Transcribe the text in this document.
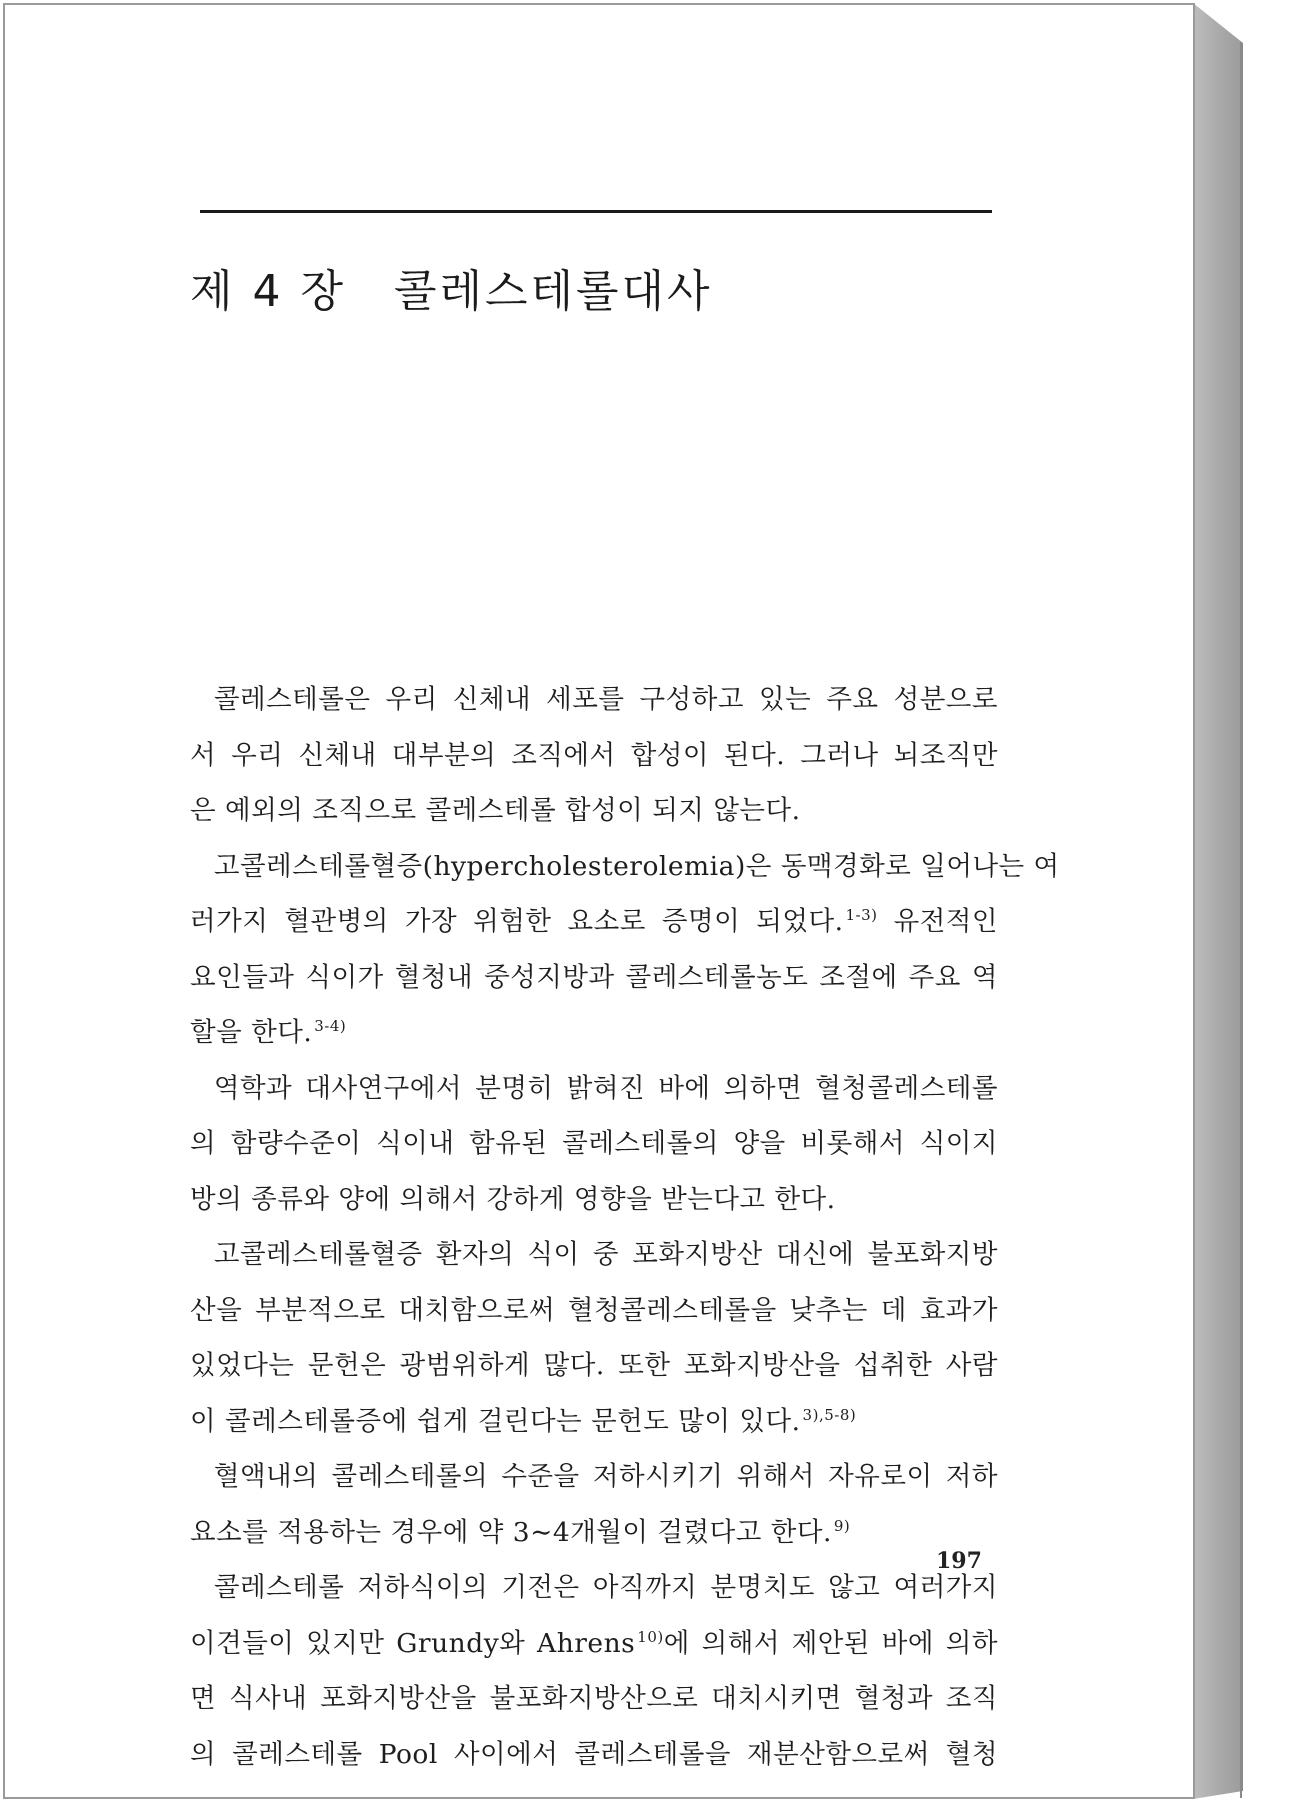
제 4 장 콜레스테롤대사

콜레스테롤은 우리 신체내 세포를 구성하고 있는 주요 성분으로
서 우리 신체내 대부분의 조직에서 합성이 된다. 그러나 뇌조직만
은 예외의 조직으로 콜레스테롤 합성이 되지 않는다.

고콜레스테롤혈증(hypercholesterolemia)은 동맥경화로 일어나는 여
러가지 혈관병의 가장 위험한 요소로 증명이 되었다. $^{1-3)}$ 유전적인
요인들과 식이가 혈청내 중성지방과 콜레스테롤농도 조절에 주요 역
할을 한다. $^{3-4)}$

역학과 대사연구에서 분명히 밝혀진 바에 의하면 혈청콜레스테롤
의 함량수준이 식이내 함유된 콜레스테롤의 양을 비롯해서 식이지
방의 종류와 양에 의해서 강하게 영향을 받는다고 한다.

고콜레스테롤혈증 환자의 식이 중 포화지방산 대신에 불포화지방
산을 부분적으로 대치함으로써 혈청콜레스테롤을 낮추는 데 효과가
있었다는 문헌은 광범위하게 많다. 또한 포화지방산을 섭취한 사람
이 콜레스테롤증에 쉽게 걸린다는 문헌도 많이 있다. $^{3),5-8)}$

혈액내의 콜레스테롤의 수준을 저하시키기 위해서 자유로이 저하
요소를 적용하는 경우에 약 3∼4개월이 걸렸다고 한다. $^{9)}$

콜레스테롤 저하식이의 기전은 아직까지 분명치도 않고 여러가지
이견들이 있지만 Grundy와 Ahrens $^{10)}$에 의해서 제안된 바에 의하
면 식사내 포화지방산을 불포화지방산으로 대치시키면 혈청과 조직
의 콜레스테롤 Pool 사이에서 콜레스테롤을 재분산함으로써 혈청

197
